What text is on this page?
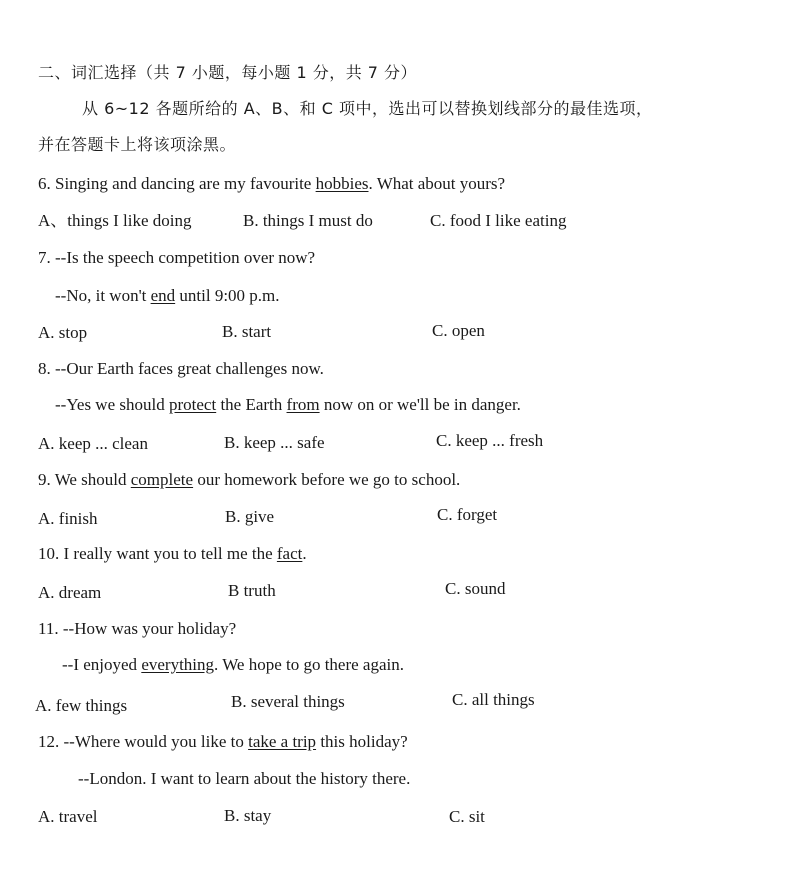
二、词汇选择（共 7 小题，每小题 1 分，共 7 分）
从 6~12 各题所给的 A、B、和 C 项中，选出可以替换划线部分的最佳选项，
并在答题卡上将该项涂黑。
6. Singing and dancing are my favourite hobbies. What about yours?
A、things I like doing	B. things I must do	C. food I like eating
7. --Is the speech competition over now?
--No, it won't end until 9:00 p.m.
A. stop	B. start	C. open
8. --Our Earth faces great challenges now.
--Yes we should protect the Earth from now on or we'll be in danger.
A. keep ... clean	B. keep ... safe	C. keep ... fresh
9. We should complete our homework before we go to school.
A. finish	B. give	C. forget
10. I really want you to tell me the fact.
A. dream	B truth	C. sound
11. --How was your holiday?
--I enjoyed everything. We hope to go there again.
A. few things	B. several things	C. all things
12. --Where would you like to take a trip this holiday?
--London. I want to learn about the history there.
A. travel	B. stay	C. sit
